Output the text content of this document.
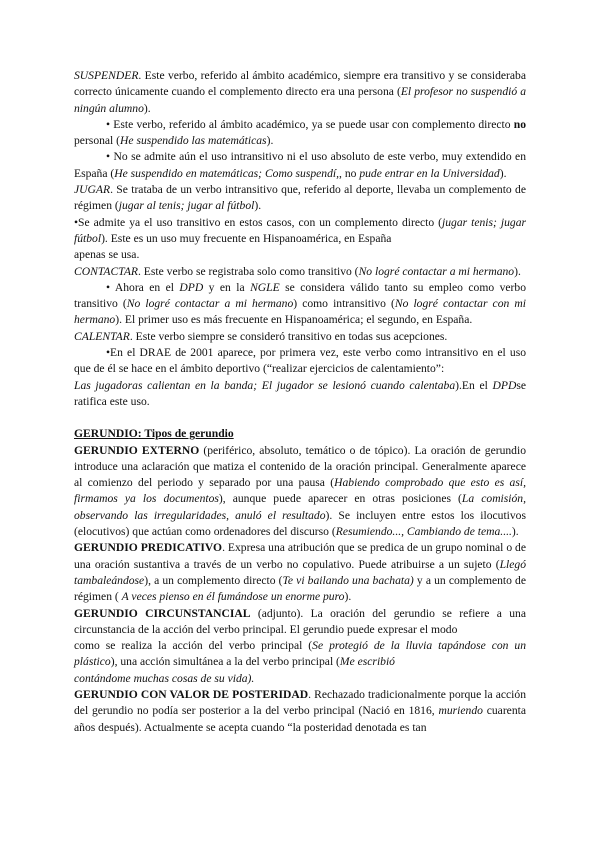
SUSPENDER. Este verbo, referido al ámbito académico, siempre era transitivo y se consideraba correcto únicamente cuando el complemento directo era una persona (El profesor no suspendió a ningún alumno).

• Este verbo, referido al ámbito académico, ya se puede usar con complemento directo no personal (He suspendido las matemáticas).

• No se admite aún el uso intransitivo ni el uso absoluto de este verbo, muy extendido en España (He suspendido en matemáticas; Como suspendí,, no pude entrar en la Universidad).

JUGAR. Se trataba de un verbo intransitivo que, referido al deporte, llevaba un complemento de régimen (jugar al tenis; jugar al fútbol).

•Se admite ya el uso transitivo en estos casos, con un complemento directo (jugar tenis; jugar fútbol). Este es un uso muy frecuente en Hispanoamérica, en España

apenas se usa.

CONTACTAR. Este verbo se registraba solo como transitivo (No logré contactar a mi hermano).

• Ahora en el DPD y en la NGLE se considera válido tanto su empleo como verbo transitivo (No logré contactar a mi hermano) como intransitivo (No logré contactar con mi hermano). El primer uso es más frecuente en Hispanoamérica; el segundo, en España.

CALENTAR. Este verbo siempre se consideró transitivo en todas sus acepciones.

•En el DRAE de 2001 aparece, por primera vez, este verbo como intransitivo en el uso que de él se hace en el ámbito deportivo (“realizar ejercicios de calentamiento”:

Las jugadoras calientan en la banda; El jugador se lesionó cuando calentaba).En el DPDse ratifica este uso.

GERUNDIO: Tipos de gerundio

GERUNDIO EXTERNO (periférico, absoluto, temático o de tópico). La oración de gerundio introduce una aclaración que matiza el contenido de la oración principal. Generalmente aparece al comienzo del periodo y separado por una pausa (Habiendo comprobado que esto es así, firmamos ya los documentos), aunque puede aparecer en otras posiciones (La comisión, observando las irregularidades, anuló el resultado). Se incluyen entre estos los ilocutivos (elocutivos) que actúan como ordenadores del discurso (Resumiendo..., Cambiando de tema....).

GERUNDIO PREDICATIVO. Expresa una atribución que se predica de un grupo nominal o de una oración sustantiva a través de un verbo no copulativo. Puede atribuirse a un sujeto (Llegó tambaleándose), a un complemento directo (Te vi bailando una bachata) y a un complemento de régimen ( A veces pienso en él fumándose un enorme puro).

GERUNDIO CIRCUNSTANCIAL (adjunto). La oración del gerundio se refiere a una circunstancia de la acción del verbo principal. El gerundio puede expresar el modo

como se realiza la acción del verbo principal (Se protegió de la lluvia tapándose con un plástico), una acción simultánea a la del verbo principal (Me escribió

contándome muchas cosas de su vida).

GERUNDIO CON VALOR DE POSTERIDAD. Rechazado tradicionalmente porque la acción del gerundio no podía ser posterior a la del verbo principal (Nació en 1816, muriendo cuarenta años después). Actualmente se acepta cuando “la posteridad denotada es tan
